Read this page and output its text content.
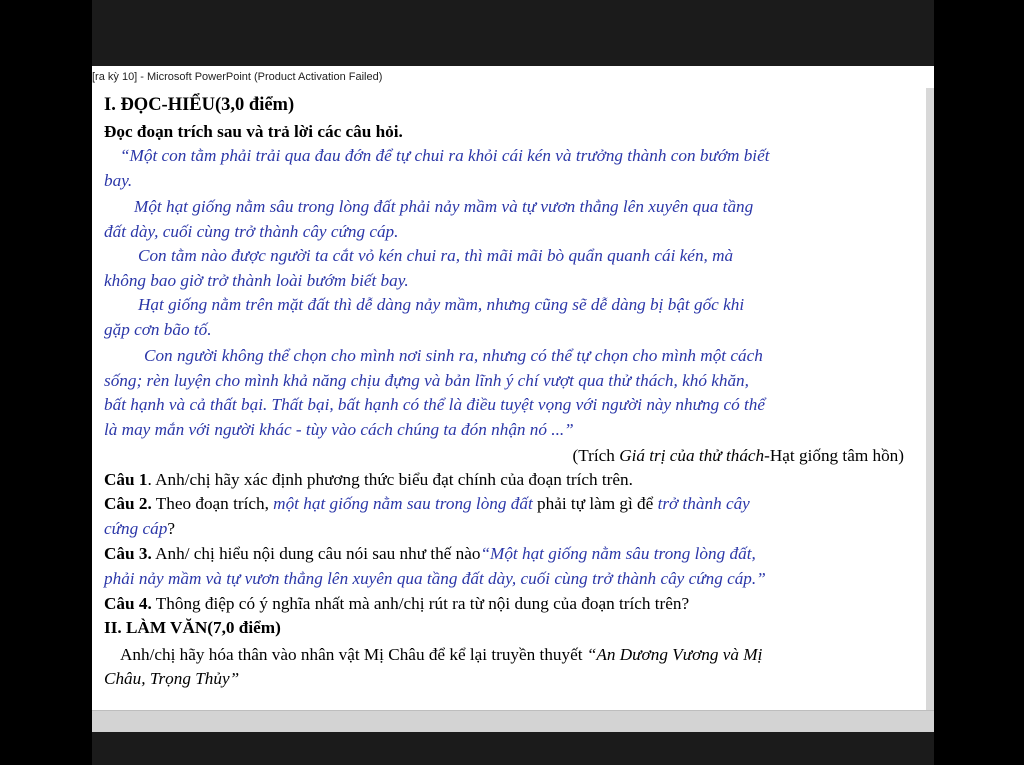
[ra kỳ 10] - Microsoft PowerPoint (Product Activation Failed)
I. ĐỌC-HIỂU(3,0 điểm)
Đọc đoạn trích sau và trả lời các câu hỏi.
“Một con tằm phải trải qua đau đớn để tự chui ra khỏi cái kén và trưởng thành con bướm biết
bay.
Một hạt giống nằm sâu trong lòng đất phải nảy mầm và tự vươn thẳng lên xuyên qua tầng
đất dày, cuối cùng trở thành cây cứng cáp.
Con tằm nào được người ta cắt vỏ kén chui ra, thì mãi mãi bò quẩn quanh cái kén, mà
không bao giờ trở thành loài bướm biết bay.
Hạt giống nằm trên mặt đất thì dễ dàng nảy mầm, nhưng cũng sẽ dễ dàng bị bật gốc khi
gặp cơn bão tố.
Con người không thể chọn cho mình nơi sinh ra, nhưng có thể tự chọn cho mình một cách
sống; rèn luyện cho mình khả năng chịu đựng và bản lĩnh ý chí vượt qua thử thách, khó khăn,
bất hạnh và cả thất bại. Thất bại, bất hạnh có thể là điều tuyệt vọng với người này nhưng có thể
là may mắn với người khác - tùy vào cách chúng ta đón nhận nó ...”
(Trích Giá trị của thử thách-Hạt giống tâm hồn)
Câu 1. Anh/chị hãy xác định phương thức biểu đạt chính của đoạn trích trên.
Câu 2. Theo đoạn trích, một hạt giống nằm sau trong lòng đất phải tự làm gì để trở thành cây
cứng cáp?
Câu 3. Anh/ chị hiểu nội dung câu nói sau như thế nào“Một hạt giống nằm sâu trong lòng đất,
phải nảy mầm và tự vươn thẳng lên xuyên qua tầng đất dày, cuối cùng trở thành cây cứng cáp.”
Câu 4. Thông điệp có ý nghĩa nhất mà anh/chị rút ra từ nội dung của đoạn trích trên?
II. LÀM VĂN(7,0 điểm)
Anh/chị hãy hóa thân vào nhân vật Mị Châu để kể lại truyền thuyết “An Dương Vương và Mị
Châu, Trọng Thủy”
